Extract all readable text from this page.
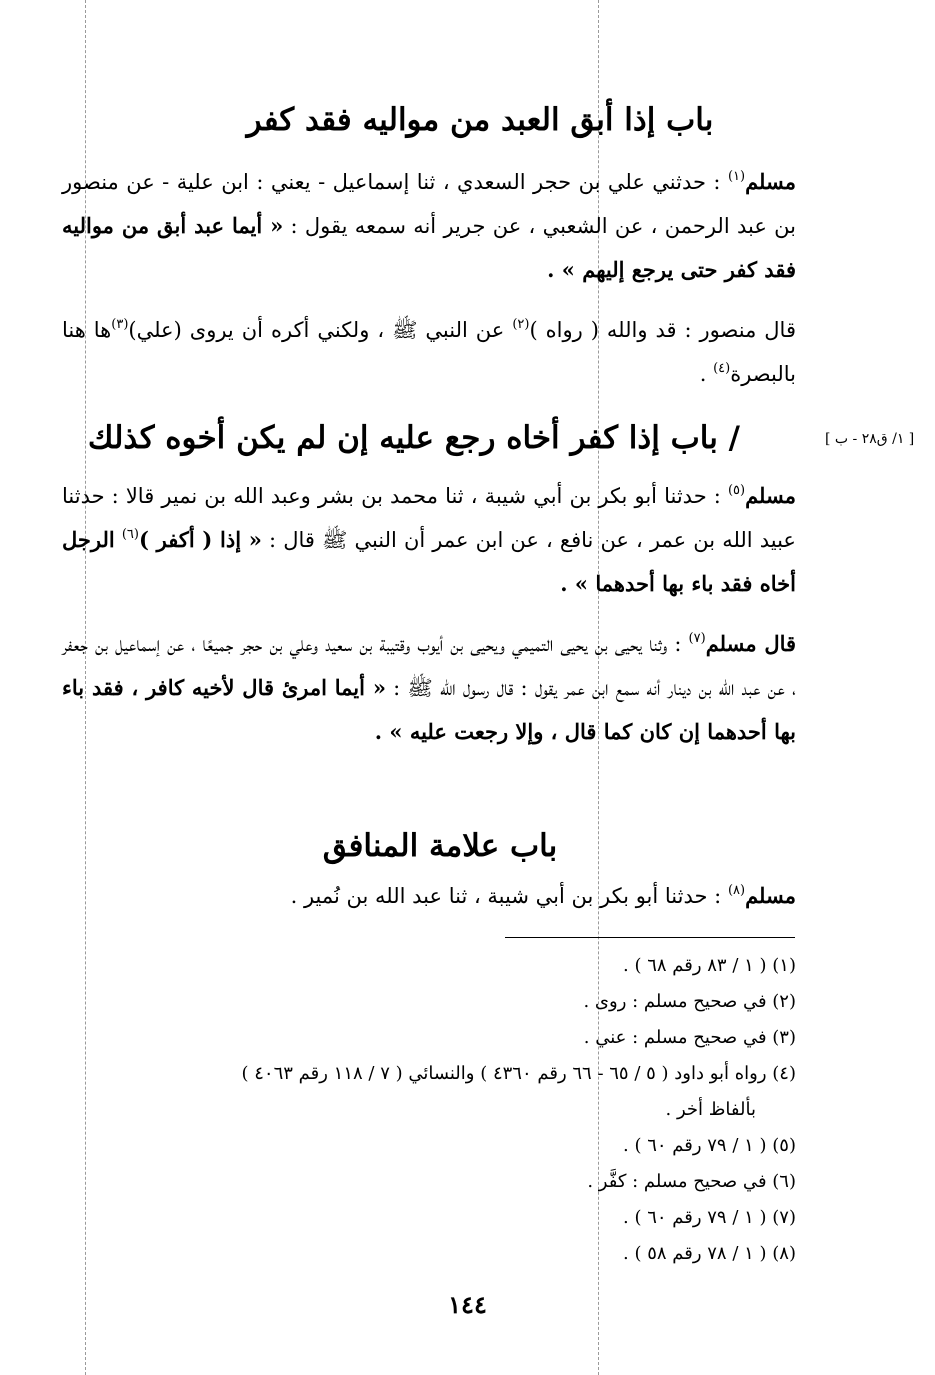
باب إذا أبق العبد من مواليه فقد كفر

مسلم$^{(١)}$ : حدثني علي بن حجر السعدي ، ثنا إسماعيل - يعني : ابن علية - عن منصور بن عبد الرحمن ، عن الشعبي ، عن جرير أنه سمعه يقول : « أيما عبد أبق من مواليه فقد كفر حتى يرجع إليهم » .

قال منصور : قد والله ( رواه )$^{(٢)}$ عن النبي ﷺ ، ولكني أكره أن يروى (علي)$^{(٣)}$ها هنا بالبصرة$^{(٤)}$ .

[ ١/ ق٢٨ - ب ]
/ باب إذا كفر أخاه رجع عليه إن لم يكن أخوه كذلك

مسلم$^{(٥)}$ : حدثنا أبو بكر بن أبي شيبة ، ثنا محمد بن بشر وعبد الله بن نمير قالا : حدثنا عبيد الله بن عمر ، عن نافع ، عن ابن عمر أن النبي ﷺ قال : « إذا ( أكفر )$^{(٦)}$ الرجل أخاه فقد باء بها أحدهما » .

قال مسلم$^{(٧)}$ : وثنا يحيى بن يحيى التميمي ويحيى بن أيوب وقتيبة بن سعيد وعلي بن حجر جميعًا ، عن إسماعيل بن جعفر ، عن عبد الله بن دينار أنه سمع ابن عمر يقول : قال رسول الله ﷺ : « أيما امرئ قال لأخيه كافر ، فقد باء بها أحدهما إن كان كما قال ، وإلا رجعت عليه » .

باب علامة المنافق

مسلم$^{(٨)}$ : حدثنا أبو بكر بن أبي شيبة ، ثنا عبد الله بن نُمير .

(١) ( ١ / ٨٣ رقم ٦٨ ) .
(٢) في صحيح مسلم : روى .
(٣) في صحيح مسلم : عني .
(٤) رواه أبو داود ( ٥ / ٦٥ - ٦٦ رقم ٤٣٦٠ ) والنسائي ( ٧ / ١١٨ رقم ٤٠٦٣ )
بألفاظ أخر .
(٥) ( ١ / ٧٩ رقم ٦٠ ) .
(٦) في صحيح مسلم : كفَّر .
(٧) ( ١ / ٧٩ رقم ٦٠ ) .
(٨) ( ١ / ٧٨ رقم ٥٨ ) .
١٤٤
